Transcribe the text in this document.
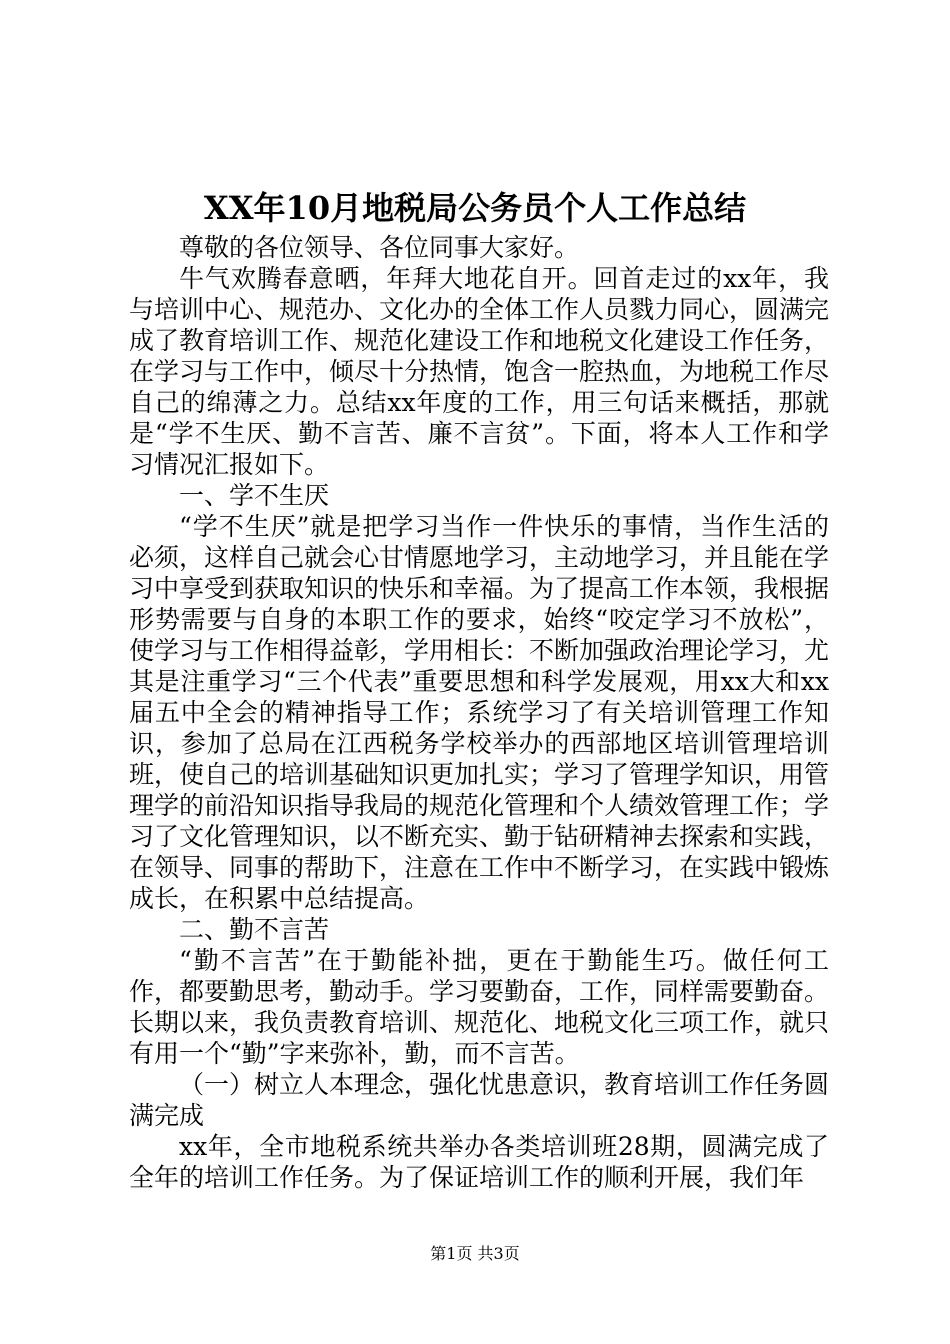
XX年10月地税局公务员个人工作总结

尊敬的各位领导、各位同事大家好。

牛气欢腾春意晒，年拜大地花自开。回首走过的xx年，我与培训中心、规范办、文化办的全体工作人员戮力同心，圆满完成了教育培训工作、规范化建设工作和地税文化建设工作任务，在学习与工作中，倾尽十分热情，饱含一腔热血，为地税工作尽自己的绵薄之力。总结xx年度的工作，用三句话来概括，那就是“学不生厌、勤不言苦、廉不言贫”。下面，将本人工作和学习情况汇报如下。

一、学不生厌

“学不生厌”就是把学习当作一件快乐的事情，当作生活的必须，这样自己就会心甘情愿地学习，主动地学习，并且能在学习中享受到获取知识的快乐和幸福。为了提高工作本领，我根据形势需要与自身的本职工作的要求，始终“咬定学习不放松”，使学习与工作相得益彰，学用相长：不断加强政治理论学习，尤其是注重学习“三个代表”重要思想和科学发展观，用xx大和xx届五中全会的精神指导工作；系统学习了有关培训管理工作知识，参加了总局在江西税务学校举办的西部地区培训管理培训班，使自己的培训基础知识更加扎实；学习了管理学知识，用管理学的前沿知识指导我局的规范化管理和个人绩效管理工作；学习了文化管理知识，以不断充实、勤于钻研精神去探索和实践，在领导、同事的帮助下，注意在工作中不断学习，在实践中锻炼成长，在积累中总结提高。

二、勤不言苦

“勤不言苦”在于勤能补拙，更在于勤能生巧。做任何工作，都要勤思考，勤动手。学习要勤奋，工作，同样需要勤奋。长期以来，我负责教育培训、规范化、地税文化三项工作，就只有用一个“勤”字来弥补，勤，而不言苦。

（一）树立人本理念，强化忧患意识，教育培训工作任务圆满完成

xx年，全市地税系统共举办各类培训班28期，圆满完成了全年的培训工作任务。为了保证培训工作的顺利开展，我们年

第1页 共3页
